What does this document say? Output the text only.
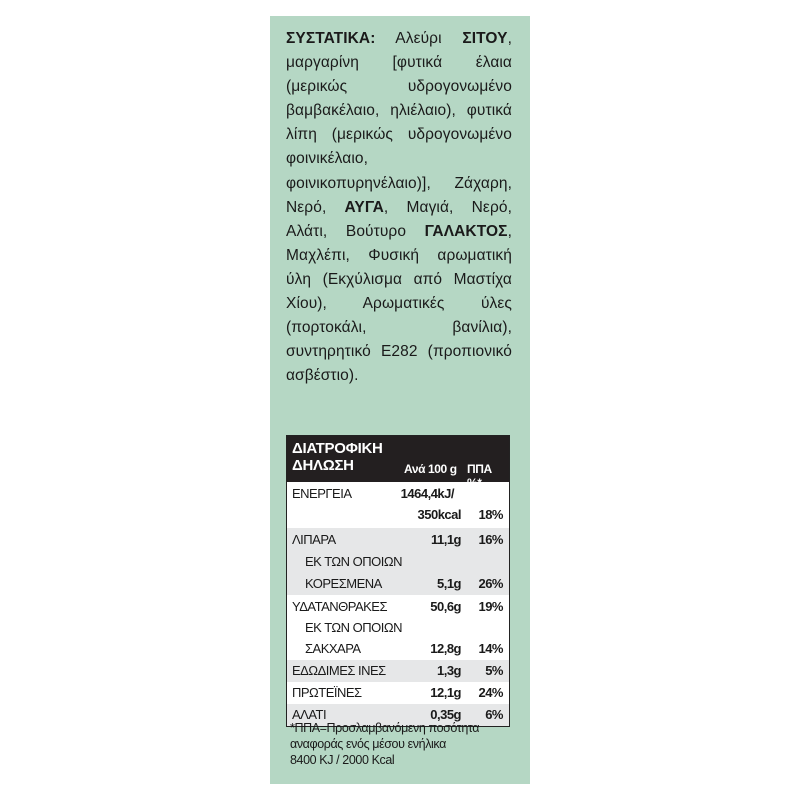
ΣΥΣΤΑΤΙΚΑ: Αλεύρι ΣΙΤΟΥ, μαργαρίνη [φυτικά έλαια (μερικώς υδρογονωμένο βαμβακέλαιο, ηλιέλαιο), φυτικά λίπη (μερικώς υδρογονωμένο φοινικέλαιο, φοινικοπυρηνέλαιο)], Ζάχαρη, Νερό, ΑΥΓΑ, Μαγιά, Νερό, Αλάτι, Βούτυρο ΓΑΛΑΚΤΟΣ, Μαχλέπι, Φυσική αρωματική ύλη (Εκχύλισμα από Μαστίχα Χίου), Αρωματικές ύλες (πορτοκάλι, βανίλια), συντηρητικό E282 (προπιονικό ασβέστιο).
ΔΙΑΤΡΟΦΙΚΗ
ΔΗΛΩΣΗ	Ανά 100 g ΠΠΑ %*
ΕΝΕΡΓΕΙΑ	1464,4kJ/
350kcal 18%
ΛΙΠΑΡΑ	11,1g 16%
ΕΚ ΤΩΝ ΟΠΟΙΩΝ
ΚΟΡΕΣΜΕΝΑ	5,1g 26%
ΥΔΑΤΑΝΘΡΑΚΕΣ	50,6g 19%
ΕΚ ΤΩΝ ΟΠΟΙΩΝ
ΣΑΚΧΑΡΑ	12,8g 14%
ΕΔΩΔΙΜΕΣ ΙΝΕΣ	1,3g 5%
ΠΡΩΤΕΪΝΕΣ	12,1g 24%
ΑΛΑΤΙ	0,35g 6%
*ΠΠΑ=Προσλαμβανόμενη ποσότητα
αναφοράς ενός μέσου ενήλικα
8400 KJ / 2000 Kcal
